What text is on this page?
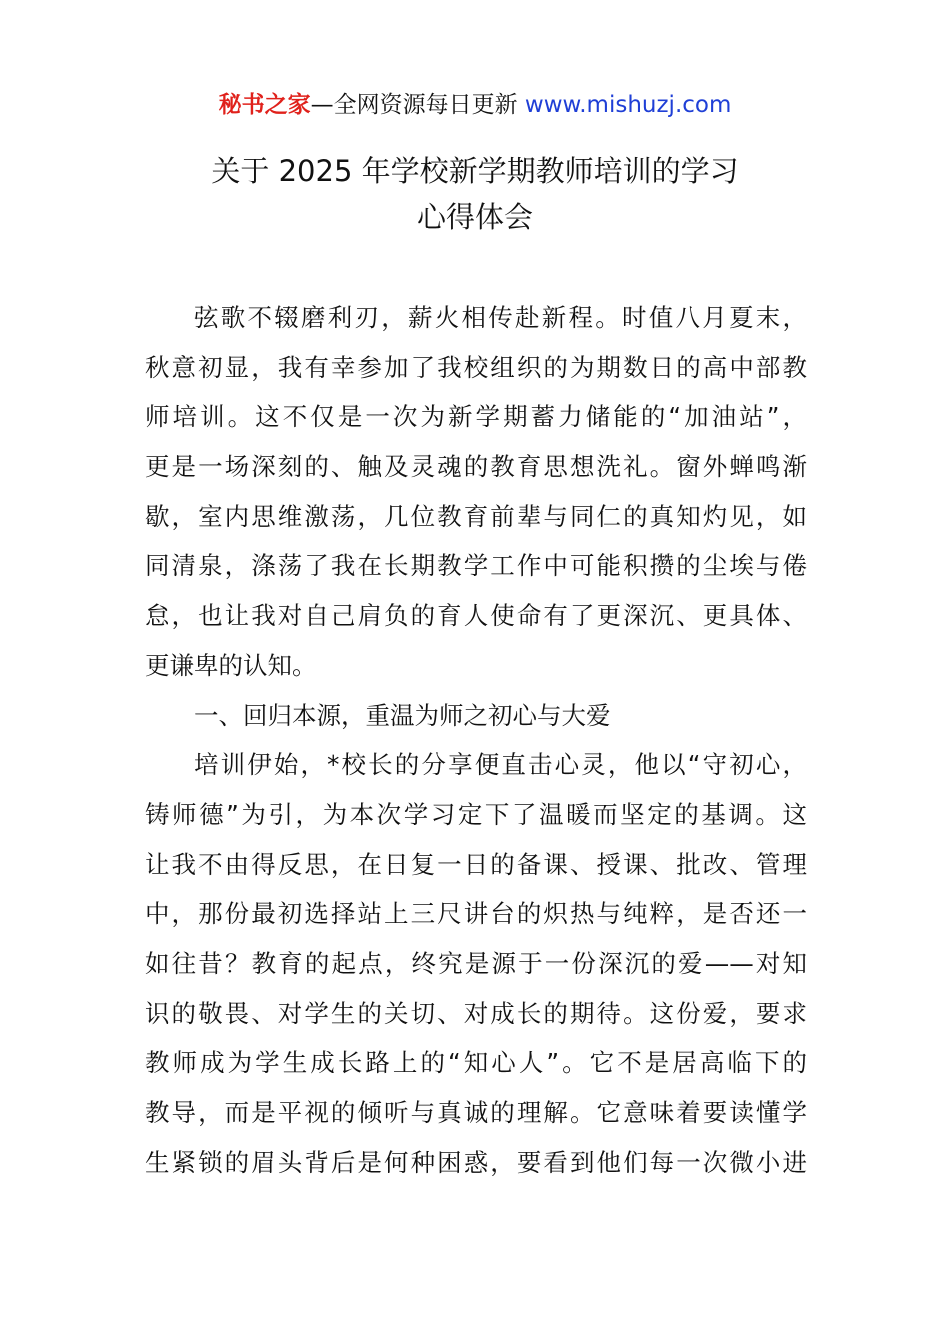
秘书之家—全网资源每日更新 www.mishuzj.com
关于 2025 年学校新学期教师培训的学习
心得体会
弦歌不辍磨利刃，薪火相传赴新程。时值八月夏末，
秋意初显，我有幸参加了我校组织的为期数日的高中部教
师培训。这不仅是一次为新学期蓄力储能的“加油站”，
更是一场深刻的、触及灵魂的教育思想洗礼。窗外蝉鸣渐
歇，室内思维激荡，几位教育前辈与同仁的真知灼见，如
同清泉，涤荡了我在长期教学工作中可能积攒的尘埃与倦
怠，也让我对自己肩负的育人使命有了更深沉、更具体、
更谦卑的认知。
一、回归本源，重温为师之初心与大爱
培训伊始，*校长的分享便直击心灵，他以“守初心，
铸师德”为引，为本次学习定下了温暖而坚定的基调。这
让我不由得反思，在日复一日的备课、授课、批改、管理
中，那份最初选择站上三尺讲台的炽热与纯粹，是否还一
如往昔？教育的起点，终究是源于一份深沉的爱——对知
识的敬畏、对学生的关切、对成长的期待。这份爱，要求
教师成为学生成长路上的“知心人”。它不是居高临下的
教导，而是平视的倾听与真诚的理解。它意味着要读懂学
生紧锁的眉头背后是何种困惑，要看到他们每一次微小进
